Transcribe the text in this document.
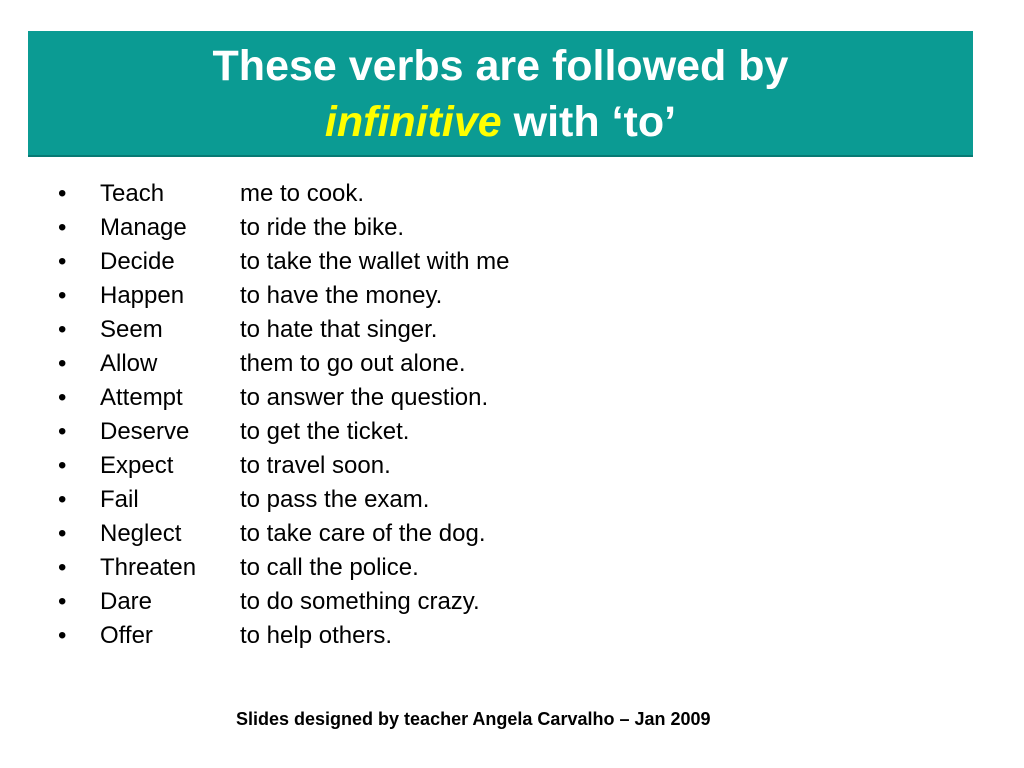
These verbs are followed by
infinitive with ‘to’
• Teach	me to cook.
• Manage to ride the bike.
• Decide	to take the wallet with me
• Happen to have the money.
• Seem	to hate that singer.
• Allow	them to go out alone.
• Attempt to answer the question.
• Deserve to get the ticket.
• Expect	to travel soon.
• Fail	to pass the exam.
• Neglect to take care of the dog.
• Threaten to call the police.
• Dare	to do something crazy.
• Offer	to help others.
Slides designed by teacher Angela Carvalho – Jan 2009
